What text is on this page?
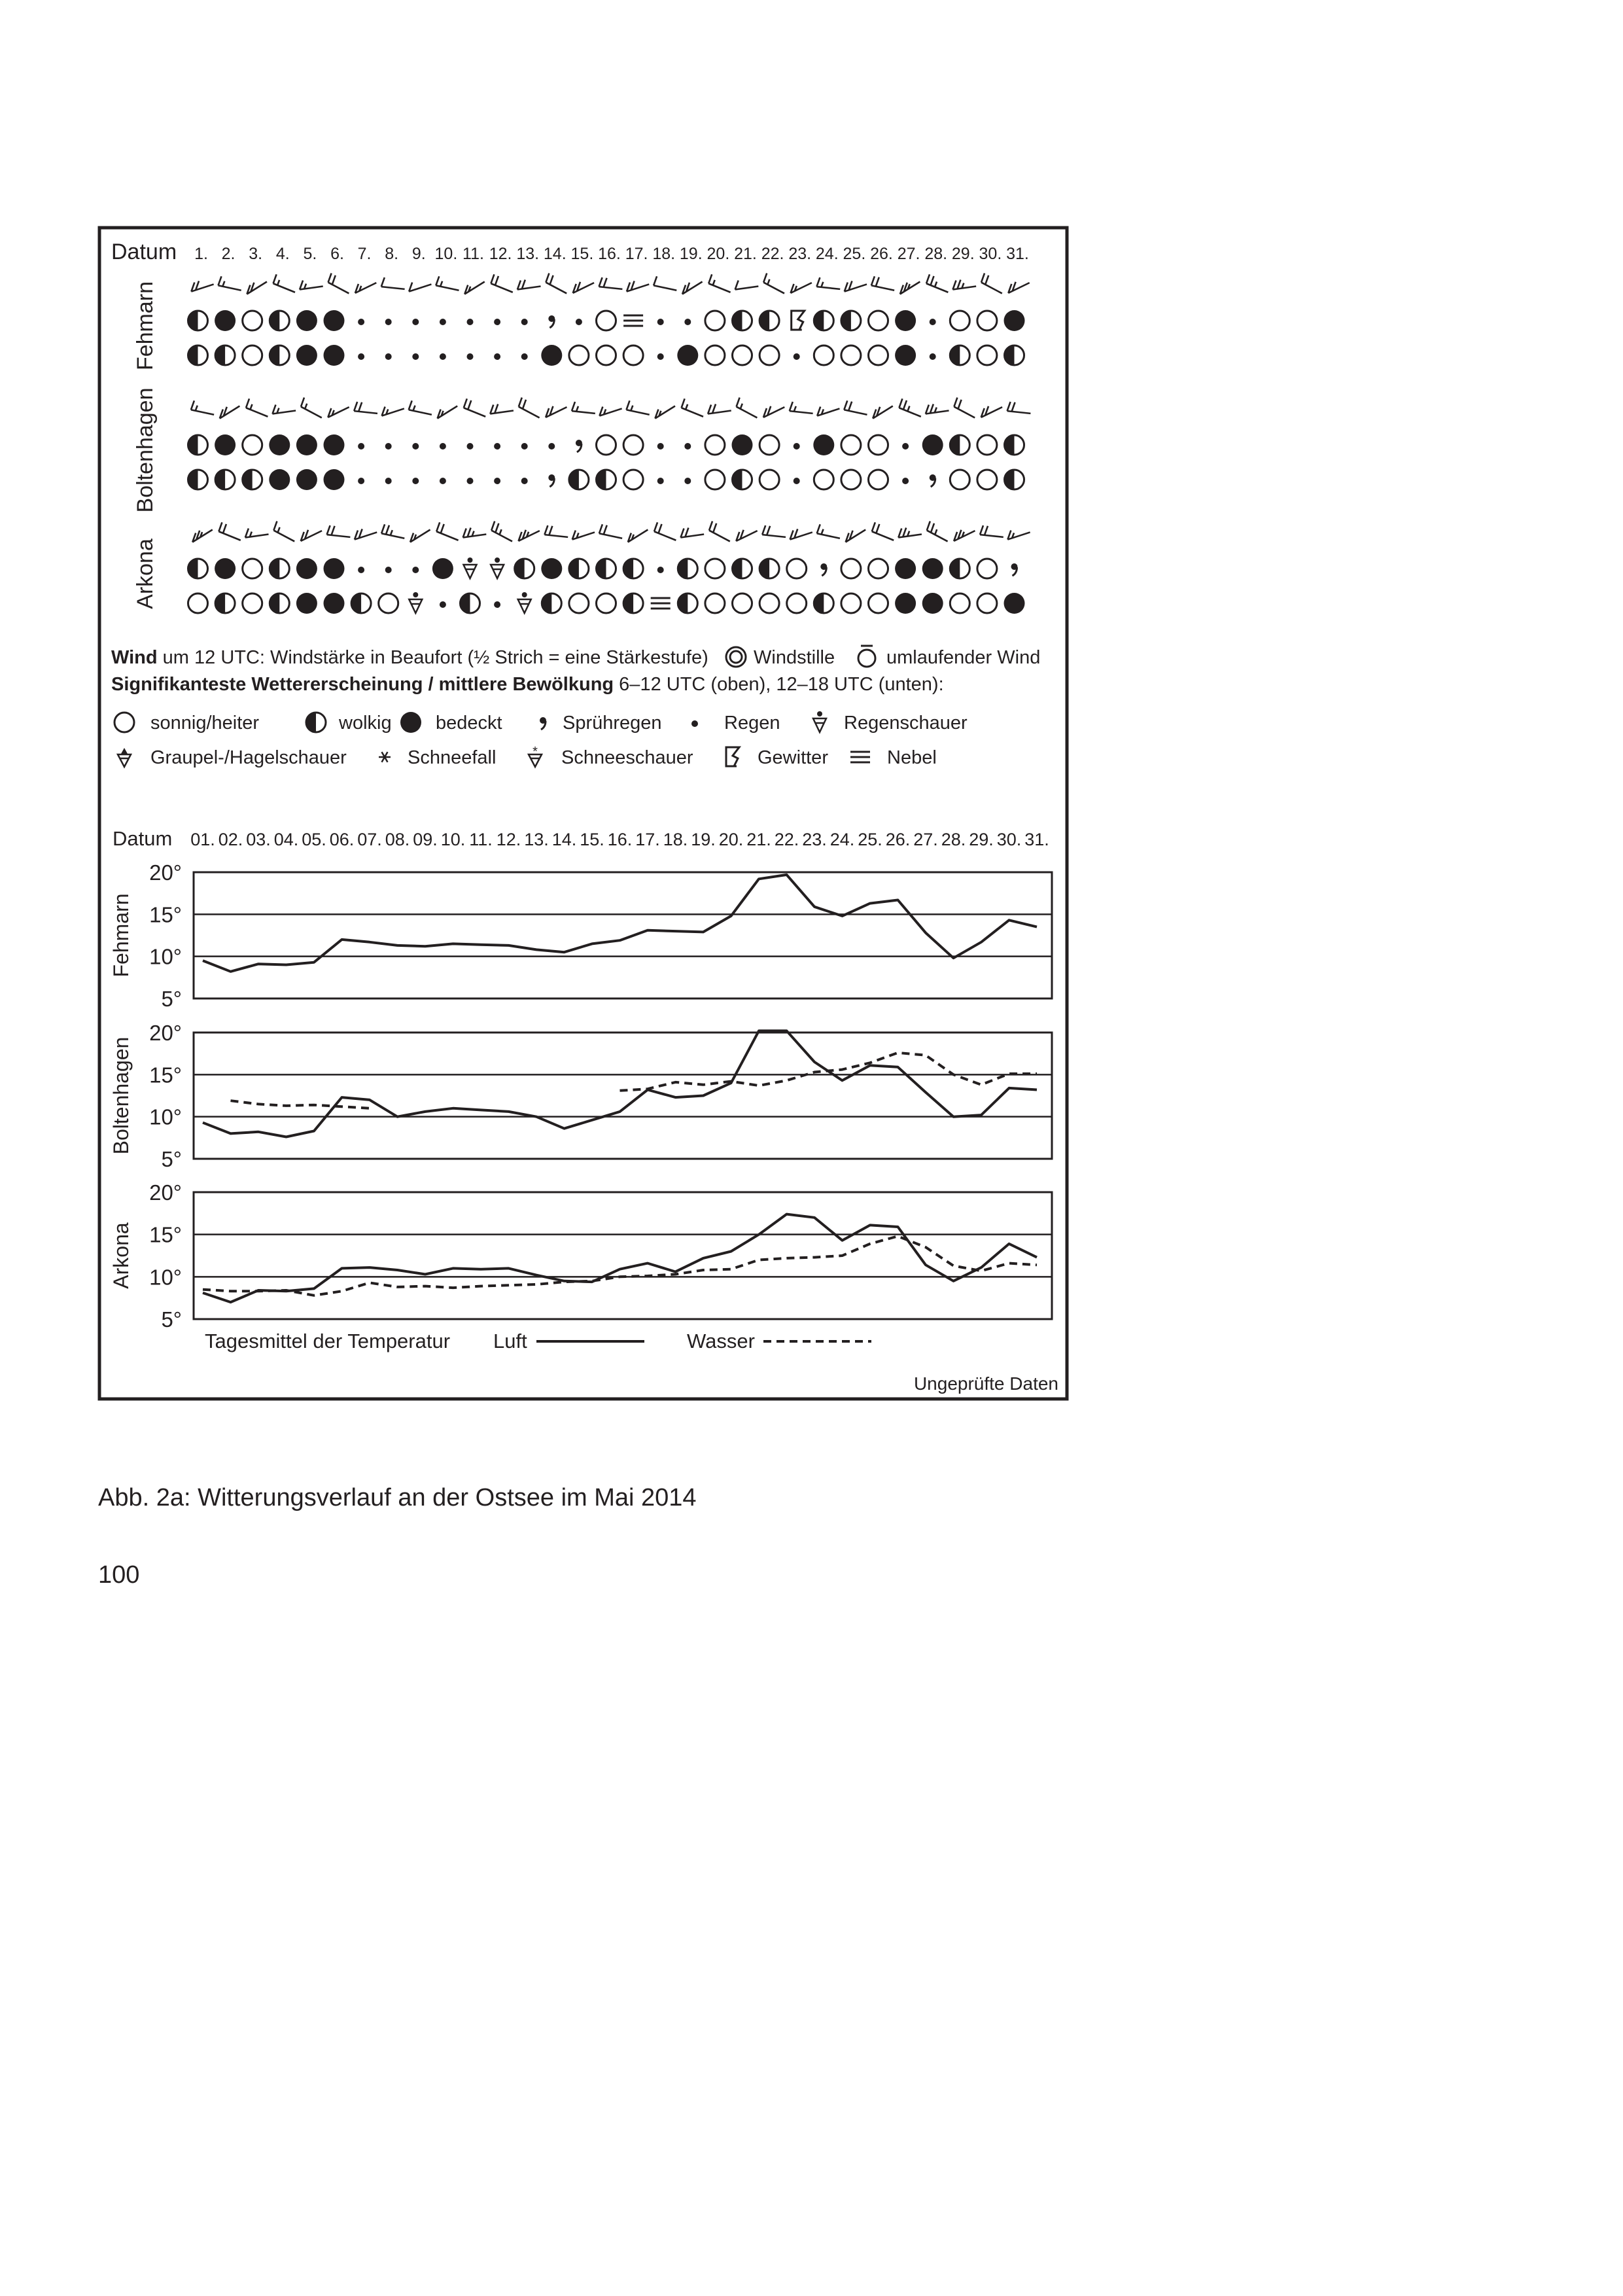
Datum 1. 2. 3. 4. 5. 6. 7. 8. 9. 10. 11. 12. 13. 14. 15. 16. 17. 18. 19. 20. 21. 22. 23. 24. 25. 26. 27. 28. 29. 30. 31.
Fehmarn
Boltenhagen
Arkona
Wind um 12 UTC: Windstärke in Beaufort (½ Strich = eine Stärkestufe) Windstille	umlaufender Wind
Signifikanteste Wettererscheinung / mittlere Bewölkung 6–12 UTC (oben), 12–18 UTC (unten):
sonnig/heiter	wolkig bedeckt	Sprühregen	Regen	Regenschauer
Graupel-/Hagelschauer	Schneefall	* Schneeschauer	Gewitter	Nebel
Datum 01. 02. 03. 04. 05. 06. 07. 08. 09. 10. 11. 12. 13. 14. 15. 16. 17. 18. 19. 20. 21. 22. 23. 24. 25. 26. 27. 28. 29. 30. 31.
20°
15°
10°
5°
Fehmarn
20°
15°
10°
5°
Boltenhagen
20°
15°
10°
5°
Arkona
Tagesmittel der Temperatur Luft	Wasser
Ungeprüfte Daten
Abb. 2a: Witterungsverlauf an der Ostsee im Mai 2014
100
